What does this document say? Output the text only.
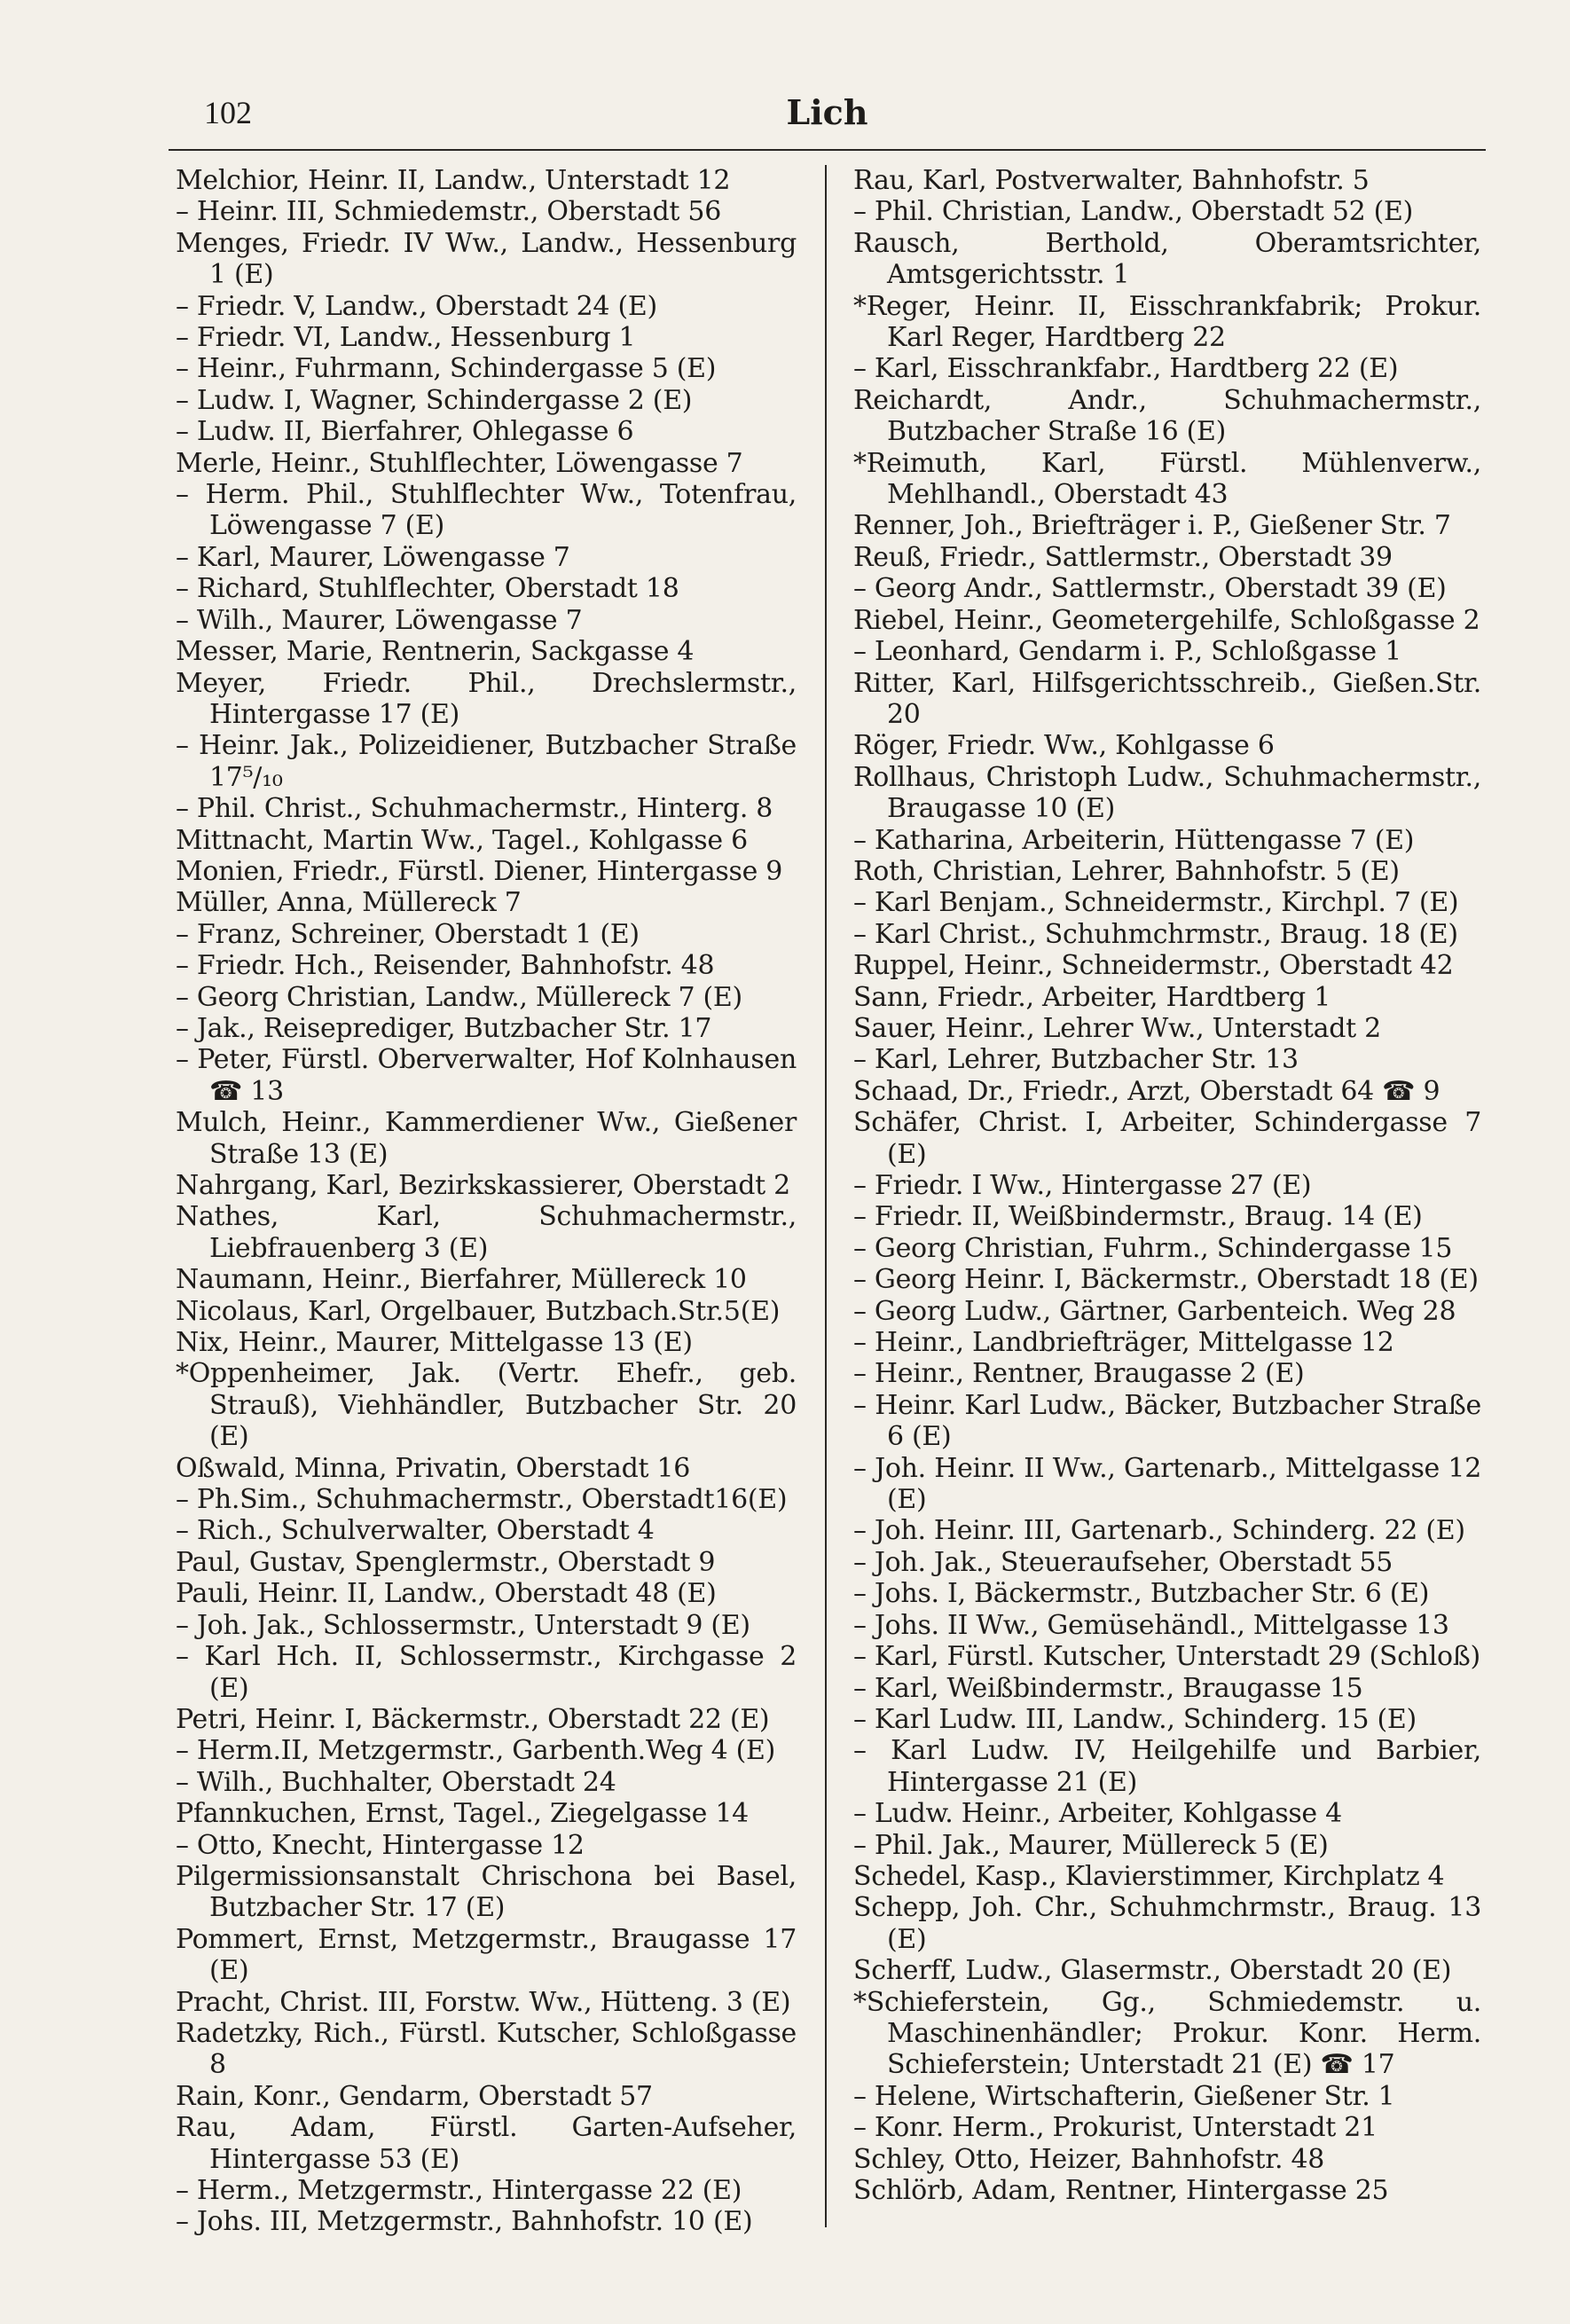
102	Lich
Melchior, Heinr. II, Landw., Unterstadt 12
– Heinr. III, Schmiedemstr., Oberstadt 56
Menges, Friedr. IV Ww., Landw., Hessenburg 1 (E)
– Friedr. V, Landw., Oberstadt 24 (E)
– Friedr. VI, Landw., Hessenburg 1
– Heinr., Fuhrmann, Schindergasse 5 (E)
– Ludw. I, Wagner, Schindergasse 2 (E)
– Ludw. II, Bierfahrer, Ohlegasse 6
Merle, Heinr., Stuhlflechter, Löwengasse 7
– Herm. Phil., Stuhlflechter Ww., Totenfrau, Löwengasse 7 (E)
– Karl, Maurer, Löwengasse 7
– Richard, Stuhlflechter, Oberstadt 18
– Wilh., Maurer, Löwengasse 7
Messer, Marie, Rentnerin, Sackgasse 4
Meyer, Friedr. Phil., Drechslermstr., Hintergasse 17 (E)
– Heinr. Jak., Polizeidiener, Butzbacher Straße 17⁵/₁₀
– Phil. Christ., Schuhmachermstr., Hinterg. 8
Mittnacht, Martin Ww., Tagel., Kohlgasse 6
Monien, Friedr., Fürstl. Diener, Hintergasse 9
Müller, Anna, Müllereck 7
– Franz, Schreiner, Oberstadt 1 (E)
– Friedr. Hch., Reisender, Bahnhofstr. 48
– Georg Christian, Landw., Müllereck 7 (E)
– Jak., Reiseprediger, Butzbacher Str. 17
– Peter, Fürstl. Oberverwalter, Hof Kolnhausen ☎ 13
Mulch, Heinr., Kammerdiener Ww., Gießener Straße 13 (E)
Nahrgang, Karl, Bezirkskassierer, Oberstadt 2
Nathes, Karl, Schuhmachermstr., Liebfrauenberg 3 (E)
Naumann, Heinr., Bierfahrer, Müllereck 10
Nicolaus, Karl, Orgelbauer, Butzbach.Str.5(E)
Nix, Heinr., Maurer, Mittelgasse 13 (E)
*Oppenheimer, Jak. (Vertr. Ehefr., geb. Strauß), Viehhändler, Butzbacher Str. 20 (E)
Oßwald, Minna, Privatin, Oberstadt 16
– Ph.Sim., Schuhmachermstr., Oberstadt16(E)
– Rich., Schulverwalter, Oberstadt 4
Paul, Gustav, Spenglermstr., Oberstadt 9
Pauli, Heinr. II, Landw., Oberstadt 48 (E)
– Joh. Jak., Schlossermstr., Unterstadt 9 (E)
– Karl Hch. II, Schlossermstr., Kirchgasse 2 (E)
Petri, Heinr. I, Bäckermstr., Oberstadt 22 (E)
– Herm.II, Metzgermstr., Garbenth.Weg 4 (E)
– Wilh., Buchhalter, Oberstadt 24
Pfannkuchen, Ernst, Tagel., Ziegelgasse 14
– Otto, Knecht, Hintergasse 12
Pilgermissionsanstalt Chrischona bei Basel, Butzbacher Str. 17 (E)
Pommert, Ernst, Metzgermstr., Braugasse 17 (E)
Pracht, Christ. III, Forstw. Ww., Hütteng. 3 (E)
Radetzky, Rich., Fürstl. Kutscher, Schloßgasse 8
Rain, Konr., Gendarm, Oberstadt 57
Rau, Adam, Fürstl. Garten-Aufseher, Hintergasse 53 (E)
– Herm., Metzgermstr., Hintergasse 22 (E)
– Johs. III, Metzgermstr., Bahnhofstr. 10 (E)
Rau, Karl, Postverwalter, Bahnhofstr. 5
– Phil. Christian, Landw., Oberstadt 52 (E)
Rausch, Berthold, Oberamtsrichter, Amtsgerichtsstr. 1
*Reger, Heinr. II, Eisschrankfabrik; Prokur. Karl Reger, Hardtberg 22
– Karl, Eisschrankfabr., Hardtberg 22 (E)
Reichardt, Andr., Schuhmachermstr., Butzbacher Straße 16 (E)
*Reimuth, Karl, Fürstl. Mühlenverw., Mehlhandl., Oberstadt 43
Renner, Joh., Briefträger i. P., Gießener Str. 7
Reuß, Friedr., Sattlermstr., Oberstadt 39
– Georg Andr., Sattlermstr., Oberstadt 39 (E)
Riebel, Heinr., Geometergehilfe, Schloßgasse 2
– Leonhard, Gendarm i. P., Schloßgasse 1
Ritter, Karl, Hilfsgerichtsschreib., Gießen.Str. 20
Röger, Friedr. Ww., Kohlgasse 6
Rollhaus, Christoph Ludw., Schuhmachermstr., Braugasse 10 (E)
– Katharina, Arbeiterin, Hüttengasse 7 (E)
Roth, Christian, Lehrer, Bahnhofstr. 5 (E)
– Karl Benjam., Schneidermstr., Kirchpl. 7 (E)
– Karl Christ., Schuhmchrmstr., Braug. 18 (E)
Ruppel, Heinr., Schneidermstr., Oberstadt 42
Sann, Friedr., Arbeiter, Hardtberg 1
Sauer, Heinr., Lehrer Ww., Unterstadt 2
– Karl, Lehrer, Butzbacher Str. 13
Schaad, Dr., Friedr., Arzt, Oberstadt 64 ☎ 9
Schäfer, Christ. I, Arbeiter, Schindergasse 7 (E)
– Friedr. I Ww., Hintergasse 27 (E)
– Friedr. II, Weißbindermstr., Braug. 14 (E)
– Georg Christian, Fuhrm., Schindergasse 15
– Georg Heinr. I, Bäckermstr., Oberstadt 18 (E)
– Georg Ludw., Gärtner, Garbenteich. Weg 28
– Heinr., Landbriefträger, Mittelgasse 12
– Heinr., Rentner, Braugasse 2 (E)
– Heinr. Karl Ludw., Bäcker, Butzbacher Straße 6 (E)
– Joh. Heinr. II Ww., Gartenarb., Mittelgasse 12 (E)
– Joh. Heinr. III, Gartenarb., Schinderg. 22 (E)
– Joh. Jak., Steueraufseher, Oberstadt 55
– Johs. I, Bäckermstr., Butzbacher Str. 6 (E)
– Johs. II Ww., Gemüsehändl., Mittelgasse 13
– Karl, Fürstl. Kutscher, Unterstadt 29 (Schloß)
– Karl, Weißbindermstr., Braugasse 15
– Karl Ludw. III, Landw., Schinderg. 15 (E)
– Karl Ludw. IV, Heilgehilfe und Barbier, Hintergasse 21 (E)
– Ludw. Heinr., Arbeiter, Kohlgasse 4
– Phil. Jak., Maurer, Müllereck 5 (E)
Schedel, Kasp., Klavierstimmer, Kirchplatz 4
Schepp, Joh. Chr., Schuhmchrmstr., Braug. 13 (E)
Scherff, Ludw., Glasermstr., Oberstadt 20 (E)
*Schieferstein, Gg., Schmiedemstr. u. Maschinenhändler; Prokur. Konr. Herm. Schieferstein; Unterstadt 21 (E) ☎ 17
– Helene, Wirtschafterin, Gießener Str. 1
– Konr. Herm., Prokurist, Unterstadt 21
Schley, Otto, Heizer, Bahnhofstr. 48
Schlörb, Adam, Rentner, Hintergasse 25
